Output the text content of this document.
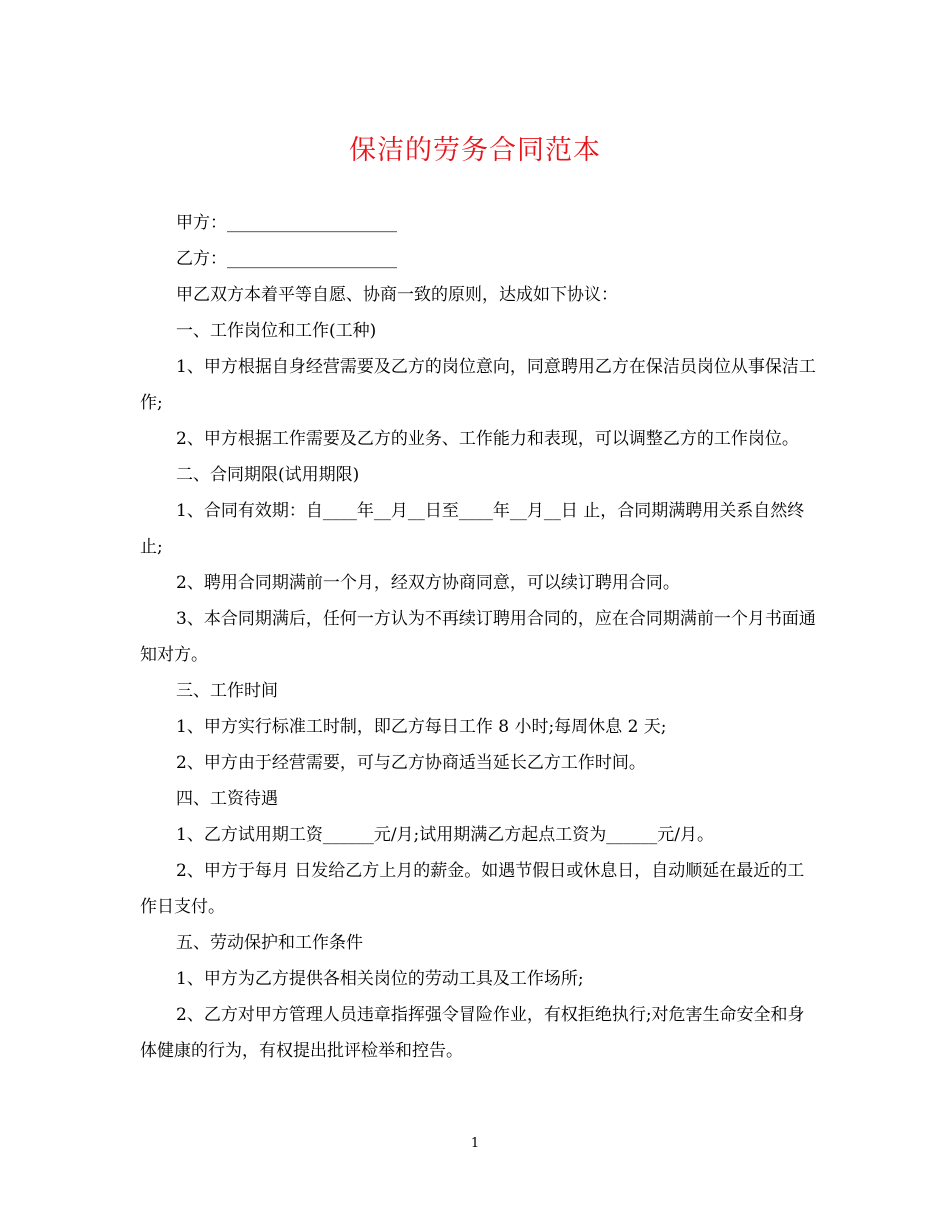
保洁的劳务合同范本

甲方：____________________

乙方：____________________

甲乙双方本着平等自愿、协商一致的原则，达成如下协议：

一、工作岗位和工作(工种)

1、甲方根据自身经营需要及乙方的岗位意向，同意聘用乙方在保洁员岗位从事保洁工作;

2、甲方根据工作需要及乙方的业务、工作能力和表现，可以调整乙方的工作岗位。

二、合同期限(试用期限)

1、合同有效期：自____年__月__日至____年__月__日 止，合同期满聘用关系自然终止;

2、聘用合同期满前一个月，经双方协商同意，可以续订聘用合同。

3、本合同期满后，任何一方认为不再续订聘用合同的，应在合同期满前一个月书面通知对方。

三、工作时间

1、甲方实行标准工时制，即乙方每日工作 8 小时;每周休息 2 天;

2、甲方由于经营需要，可与乙方协商适当延长乙方工作时间。

四、工资待遇

1、乙方试用期工资______元/月;试用期满乙方起点工资为______元/月。

2、甲方于每月 日发给乙方上月的薪金。如遇节假日或休息日，自动顺延在最近的工作日支付。

五、劳动保护和工作条件

1、甲方为乙方提供各相关岗位的劳动工具及工作场所;

2、乙方对甲方管理人员违章指挥强令冒险作业，有权拒绝执行;对危害生命安全和身体健康的行为，有权提出批评检举和控告。

1
